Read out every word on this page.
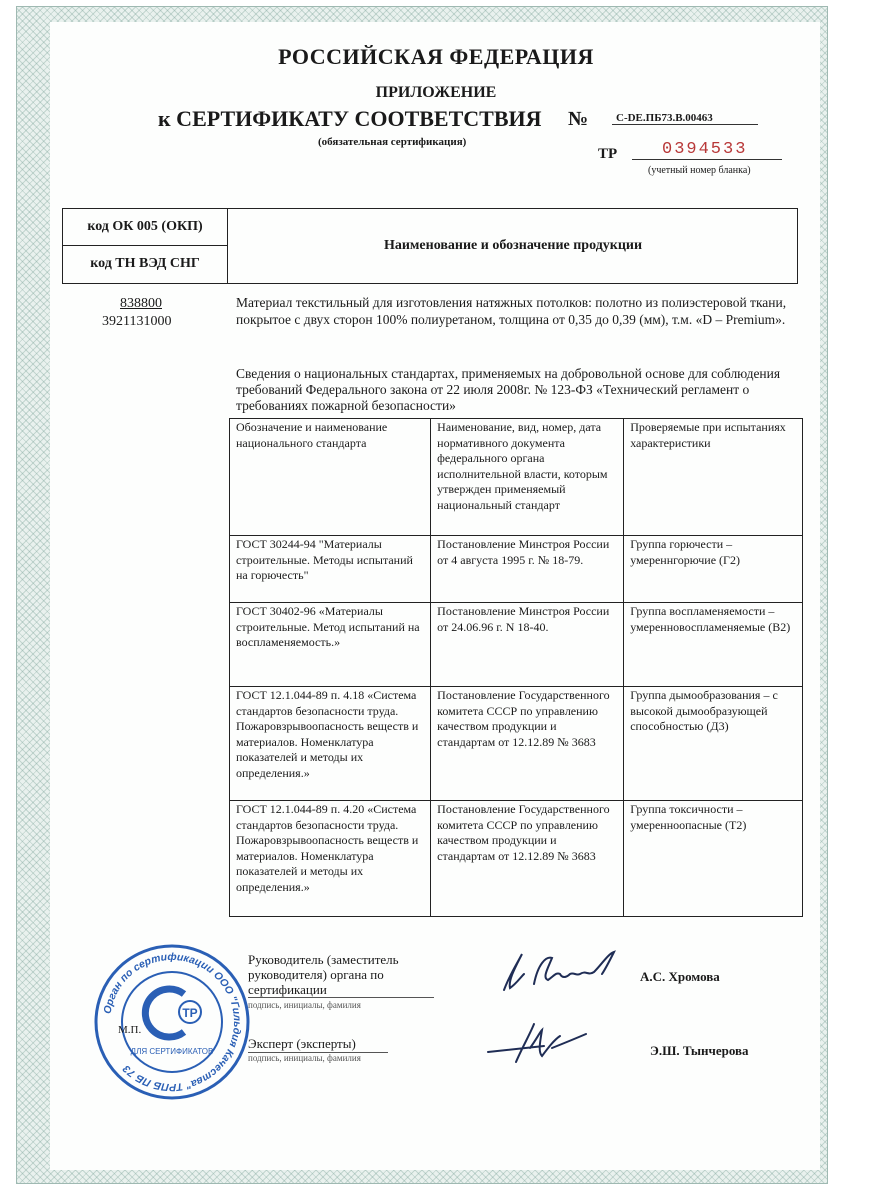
РОССИЙСКАЯ ФЕДЕРАЦИЯ
ПРИЛОЖЕНИЕ
к СЕРТИФИКАТУ СООТВЕТСТВИЯ №	C-DE.ПБ73.В.00463
(обязательная сертификация)
ТР	0394533
(учетный номер бланка)
код ОК 005 (ОКП)
код ТН ВЭД СНГ
Наименование и обозначение продукции
838800
3921131000
Материал текстильный для изготовления натяжных потолков: полотно из полиэстеровой ткани, покрытое с двух сторон 100% полиуретаном, толщина от 0,35 до 0,39 (мм), т.м. «D – Premium».
Сведения о национальных стандартах, применяемых на добровольной основе для соблюдения требований Федерального закона от 22 июля 2008г. № 123-ФЗ «Технический регламент о требованиях пожарной безопасности»
Обозначение и наименование национального стандарта	Наименование, вид, номер, дата нормативного документа федерального органа исполнительной власти, которым утвержден применяемый национальный стандарт	Проверяемые при испытаниях характеристики
ГОСТ 30244-94 "Материалы строительные. Методы испытаний на горючесть"	Постановление Минстроя России от 4 августа 1995 г. № 18-79.	Группа горючести – умереннгорючие (Г2)
ГОСТ 30402-96 «Материалы строительные. Метод испытаний на воспламеняемость.»	Постановление Минстроя России от 24.06.96 г. N 18-40.	Группа воспламеняемости – умеренновоспламеняемые (В2)
ГОСТ 12.1.044-89 п. 4.18 «Система стандартов безопасности труда. Пожаровзрывоопасность веществ и материалов. Номенклатура показателей и методы их определения.»	Постановление Государственного комитета СССР по управлению качеством продукции и стандартам от 12.12.89 № 3683	Группа дымообразования – с высокой дымообразующей способностью (Д3)
ГОСТ 12.1.044-89 п. 4.20 «Система стандартов безопасности труда. Пожаровзрывоопасность веществ и материалов. Номенклатура показателей и методы их определения.»	Постановление Государственного комитета СССР по управлению качеством продукции и стандартам от 12.12.89 № 3683	Группа токсичности – умеренноопасные (Т2)
Орган по сертификации ООО "Гильдия Качества" ТРПБ ПБ 73
ТР
ДЛЯ СЕРТИФИКАТОВ
М.П.
Руководитель (заместитель руководителя) органа по сертификации
подпись, инициалы, фамилия
А.С. Хромова
Эксперт (эксперты)
подпись, инициалы, фамилия	Э.Ш. Тынчерова
